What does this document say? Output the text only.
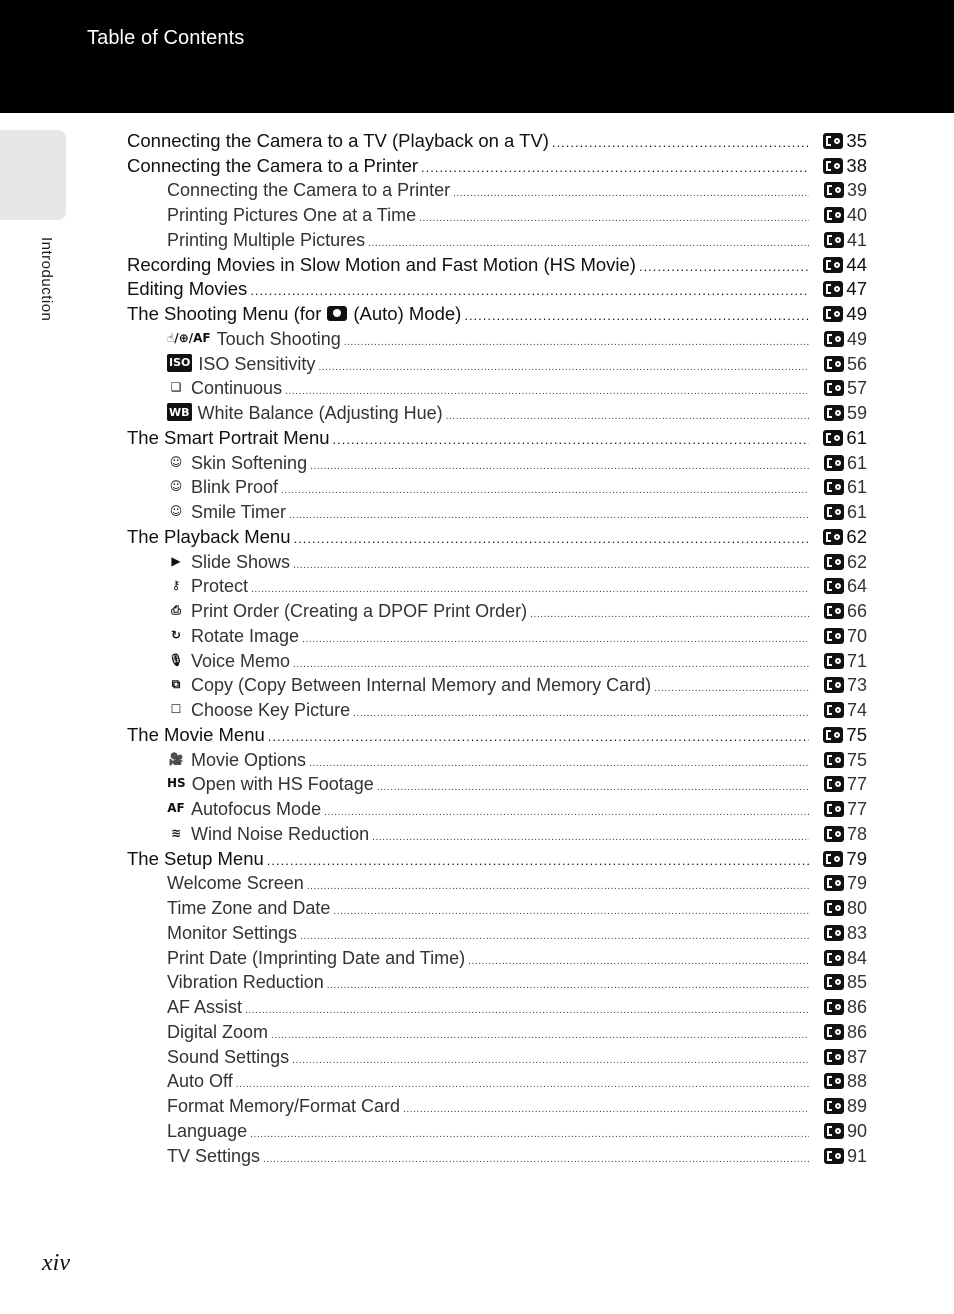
Table of Contents
Introduction
Connecting the Camera to a TV (Playback on a TV) .....	35
Connecting the Camera to a Printer .....	38
Connecting the Camera to a Printer .....	39
Printing Pictures One at a Time .....	40
Printing Multiple Pictures .....	41
Recording Movies in Slow Motion and Fast Motion (HS Movie) .....	44
Editing Movies .....	47
The Shooting Menu (for (Auto) Mode) .....	49
☝/⊕/AF Touch Shooting .....	49
ISO ISO Sensitivity .....	56
❏ Continuous .....	57
WB White Balance (Adjusting Hue) .....	59
The Smart Portrait Menu .....	61
☺ Skin Softening .....	61
☺ Blink Proof .....	61
☺ Smile Timer .....	61
The Playback Menu .....	62
▶ Slide Shows .....	62
⚷ Protect .....	64
⎙ Print Order (Creating a DPOF Print Order) .....	66
↻ Rotate Image .....	70
🎙 Voice Memo .....	71
⧉ Copy (Copy Between Internal Memory and Memory Card) .....	73
☐ Choose Key Picture .....	74
The Movie Menu .....	75
🎥 Movie Options .....	75
HS Open with HS Footage .....	77
AF Autofocus Mode .....	77
≋ Wind Noise Reduction .....	78
The Setup Menu .....	79
Welcome Screen .....	79
Time Zone and Date .....	80
Monitor Settings .....	83
Print Date (Imprinting Date and Time) .....	84
Vibration Reduction .....	85
AF Assist .....	86
Digital Zoom .....	86
Sound Settings .....	87
Auto Off .....	88
Format Memory/Format Card .....	89
Language .....	90
TV Settings .....	91
xiv
